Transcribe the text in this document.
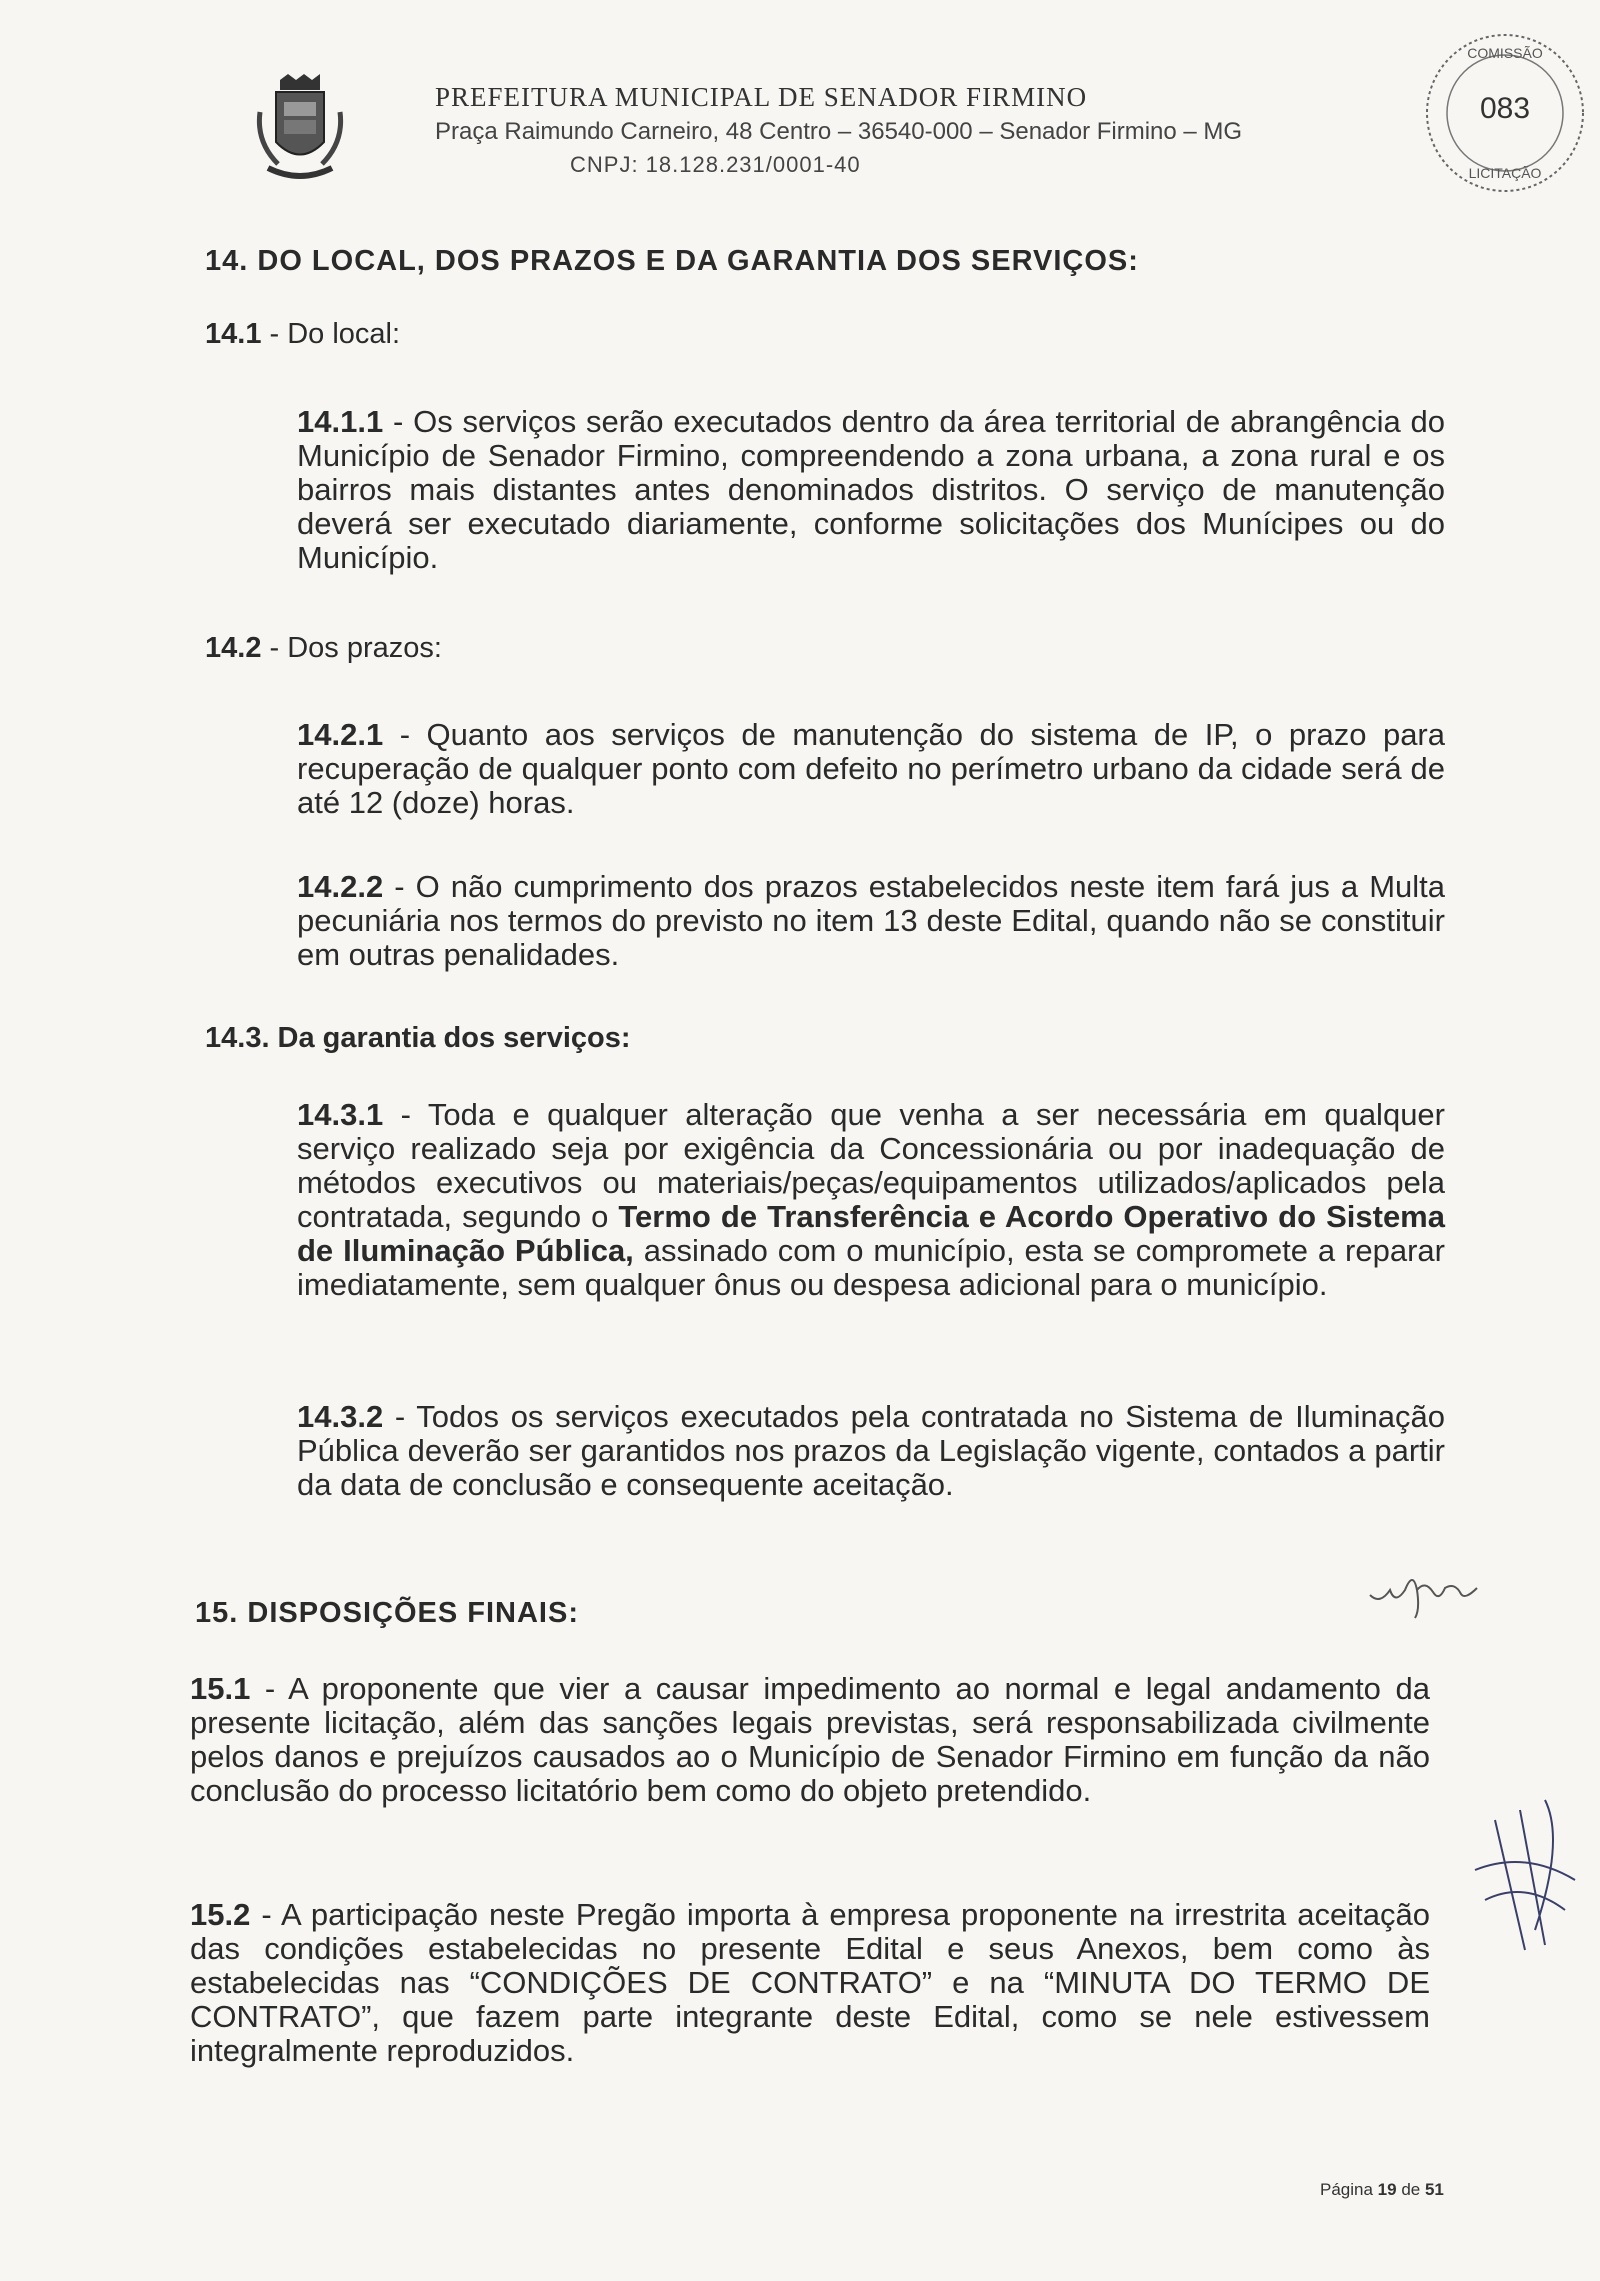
PREFEITURA MUNICIPAL DE SENADOR FIRMINO
Praça Raimundo Carneiro, 48 Centro – 36540-000 – Senador Firmino – MG
CNPJ: 18.128.231/0001-40
COMISSÃO
083
LICITAÇÃO
14. DO LOCAL, DOS PRAZOS E DA GARANTIA DOS SERVIÇOS:
14.1 - Do local:
14.1.1 - Os serviços serão executados dentro da área territorial de abrangência do Município de Senador Firmino, compreendendo a zona urbana, a zona rural e os bairros mais distantes antes denominados distritos. O serviço de manutenção deverá ser executado diariamente, conforme solicitações dos Munícipes ou do Município.
14.2 - Dos prazos:
14.2.1 - Quanto aos serviços de manutenção do sistema de IP, o prazo para recuperação de qualquer ponto com defeito no perímetro urbano da cidade será de até 12 (doze) horas.
14.2.2 - O não cumprimento dos prazos estabelecidos neste item fará jus a Multa pecuniária nos termos do previsto no item 13 deste Edital, quando não se constituir em outras penalidades.
14.3. Da garantia dos serviços:
14.3.1 - Toda e qualquer alteração que venha a ser necessária em qualquer serviço realizado seja por exigência da Concessionária ou por inadequação de métodos executivos ou materiais/peças/equipamentos utilizados/aplicados pela contratada, segundo o Termo de Transferência e Acordo Operativo do Sistema de Iluminação Pública, assinado com o município, esta se compromete a reparar imediatamente, sem qualquer ônus ou despesa adicional para o município.
14.3.2 - Todos os serviços executados pela contratada no Sistema de Iluminação Pública deverão ser garantidos nos prazos da Legislação vigente, contados a partir da data de conclusão e consequente aceitação.
15. DISPOSIÇÕES FINAIS:
15.1 - A proponente que vier a causar impedimento ao normal e legal andamento da presente licitação, além das sanções legais previstas, será responsabilizada civilmente pelos danos e prejuízos causados ao o Município de Senador Firmino em função da não conclusão do processo licitatório bem como do objeto pretendido.
15.2 - A participação neste Pregão importa à empresa proponente na irrestrita aceitação das condições estabelecidas no presente Edital e seus Anexos, bem como às estabelecidas nas “CONDIÇÕES DE CONTRATO” e na “MINUTA DO TERMO DE CONTRATO”, que fazem parte integrante deste Edital, como se nele estivessem integralmente reproduzidos.
Página 19 de 51
